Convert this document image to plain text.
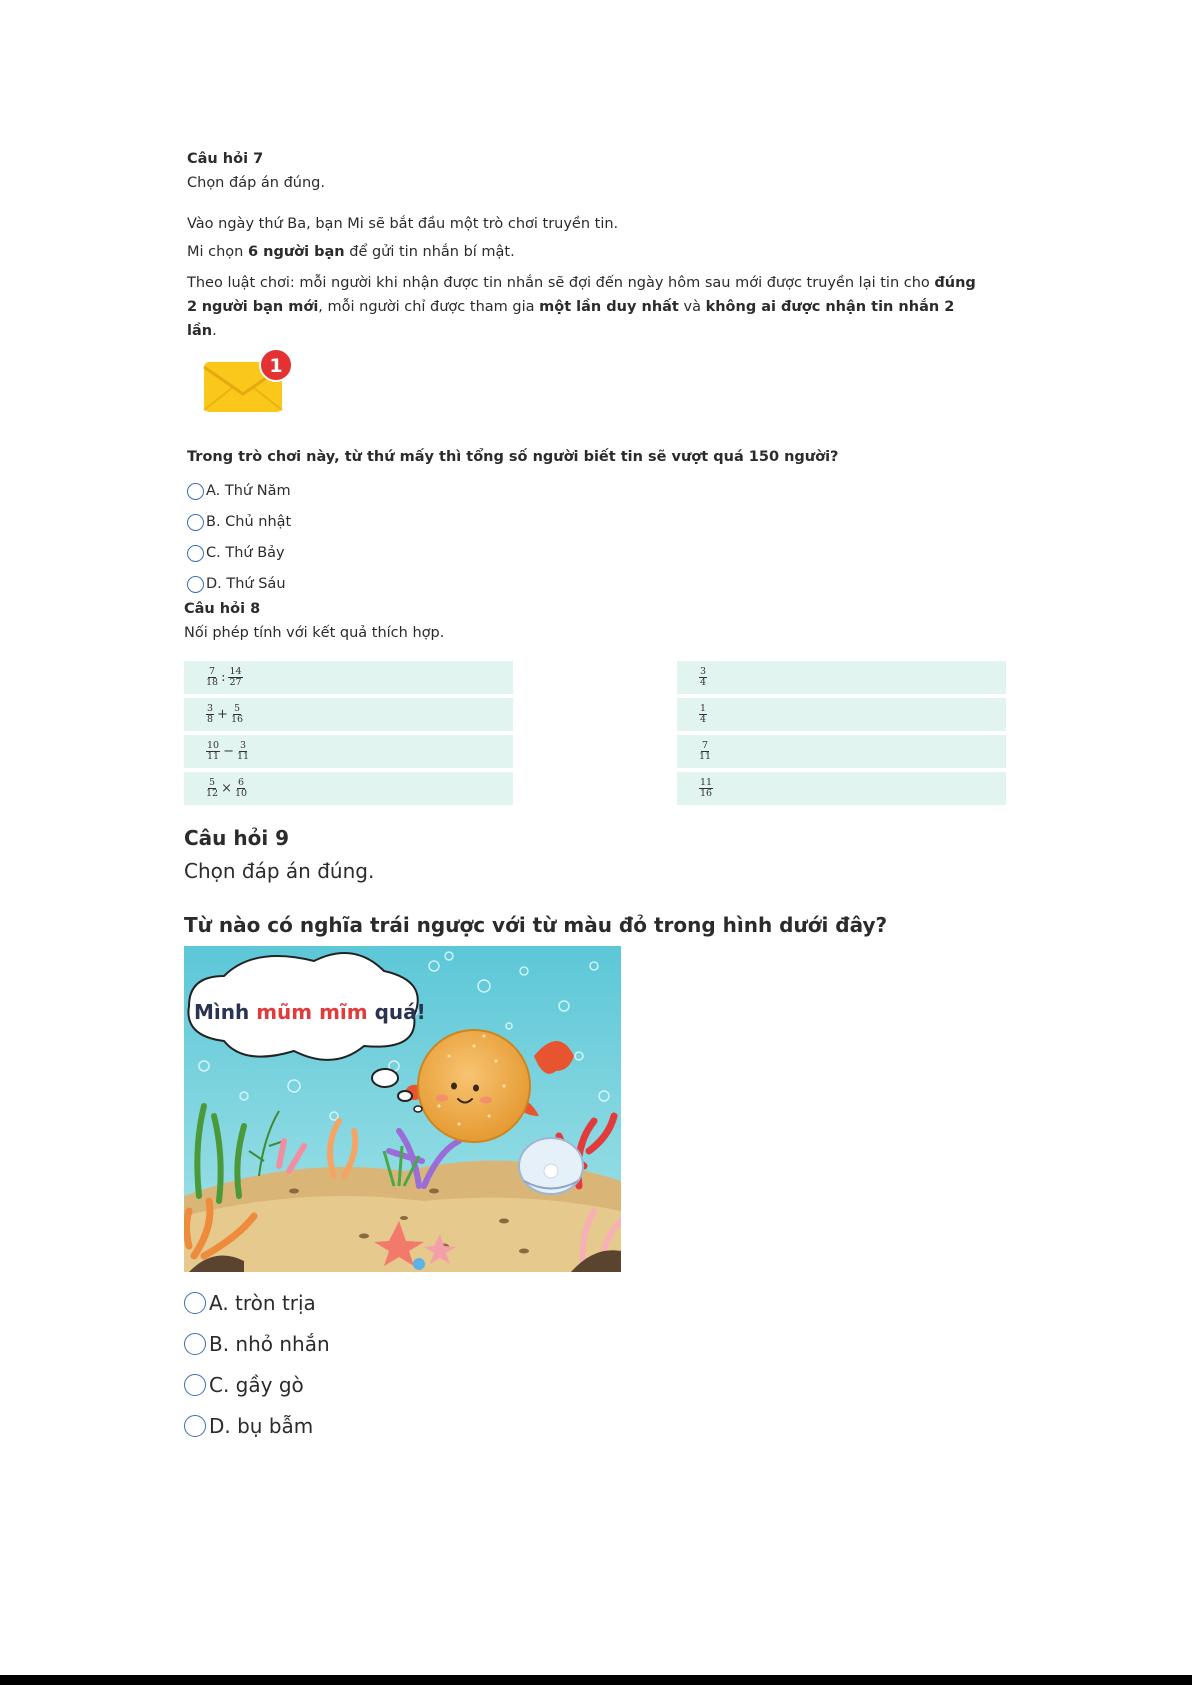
Câu hỏi 7
Chọn đáp án đúng.
Vào ngày thứ Ba, bạn Mi sẽ bắt đầu một trò chơi truyền tin.
Mi chọn 6 người bạn để gửi tin nhắn bí mật.
Theo luật chơi: mỗi người khi nhận được tin nhắn sẽ đợi đến ngày hôm sau mới được truyền lại tin cho đúng 2 người bạn mới, mỗi người chỉ được tham gia một lần duy nhất và không ai được nhận tin nhắn 2 lần.
1
Trong trò chơi này, từ thứ mấy thì tổng số người biết tin sẽ vượt quá 150 người?
A. Thứ Năm
B. Chủ nhật
C. Thứ Bảy
D. Thứ Sáu
Câu hỏi 8
Nối phép tính với kết quả thích hợp.
$\frac{7}{18}$ : $\frac{14}{27}$
$\frac{3}{8} + \frac{5}{16}$
$\frac{10}{11} - \frac{3}{11}$
$\frac{5}{12} \times \frac{6}{10}$
$\frac{3}{4}$
$\frac{1}{4}$
$\frac{7}{11}$
$\frac{11}{16}$
Câu hỏi 9
Chọn đáp án đúng.
Từ nào có nghĩa trái ngược với từ màu đỏ trong hình dưới đây?
Mình mũm mĩm quá!
A. tròn trịa
B. nhỏ nhắn
C. gầy gò
D. bụ bẫm
